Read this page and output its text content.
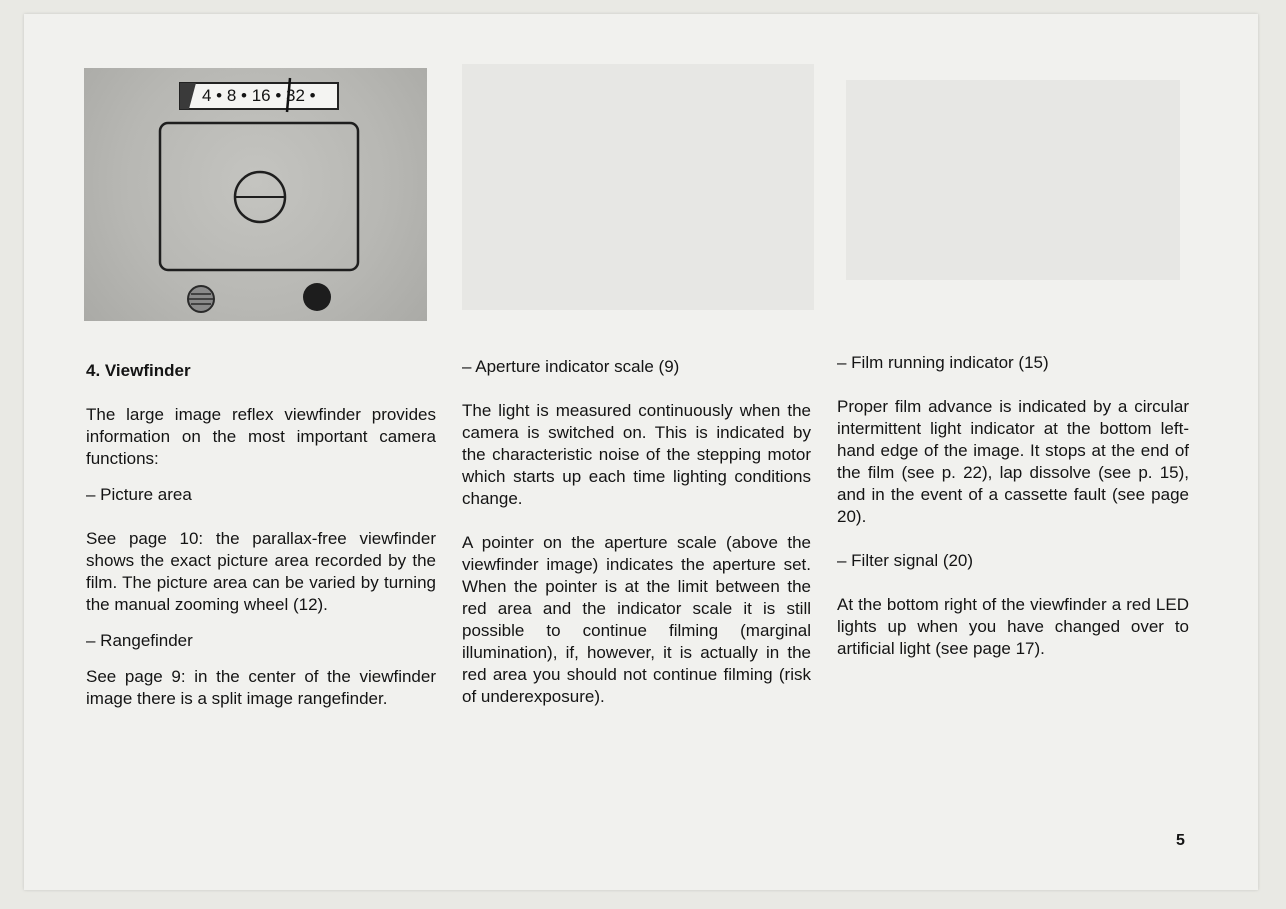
4 • 8 • 16 • 32 •

4. Viewfinder

The large image reflex viewfinder provides information on the most important camera functions:

– Picture area

See page 10: the parallax-free viewfinder shows the exact picture area recorded by the film. The picture area can be varied by turning the manual zooming wheel (12).

– Rangefinder

See page 9: in the center of the viewfinder image there is a split image rangefinder.

– Aperture indicator scale (9)

The light is measured continuously when the camera is switched on. This is indicated by the characteristic noise of the stepping motor which starts up each time lighting conditions change.

A pointer on the aperture scale (above the viewfinder image) indicates the aperture set. When the pointer is at the limit between the red area and the indicator scale it is still possible to continue filming (marginal illumination), if, however, it is actually in the red area you should not continue filming (risk of underexposure).

– Film running indicator (15)

Proper film advance is indicated by a circular intermittent light indicator at the bottom left-hand edge of the image. It stops at the end of the film (see p. 22), lap dissolve (see p. 15), and in the event of a cassette fault (see page 20).

– Filter signal (20)

At the bottom right of the viewfinder a red LED lights up when you have changed over to artificial light (see page 17).

5
